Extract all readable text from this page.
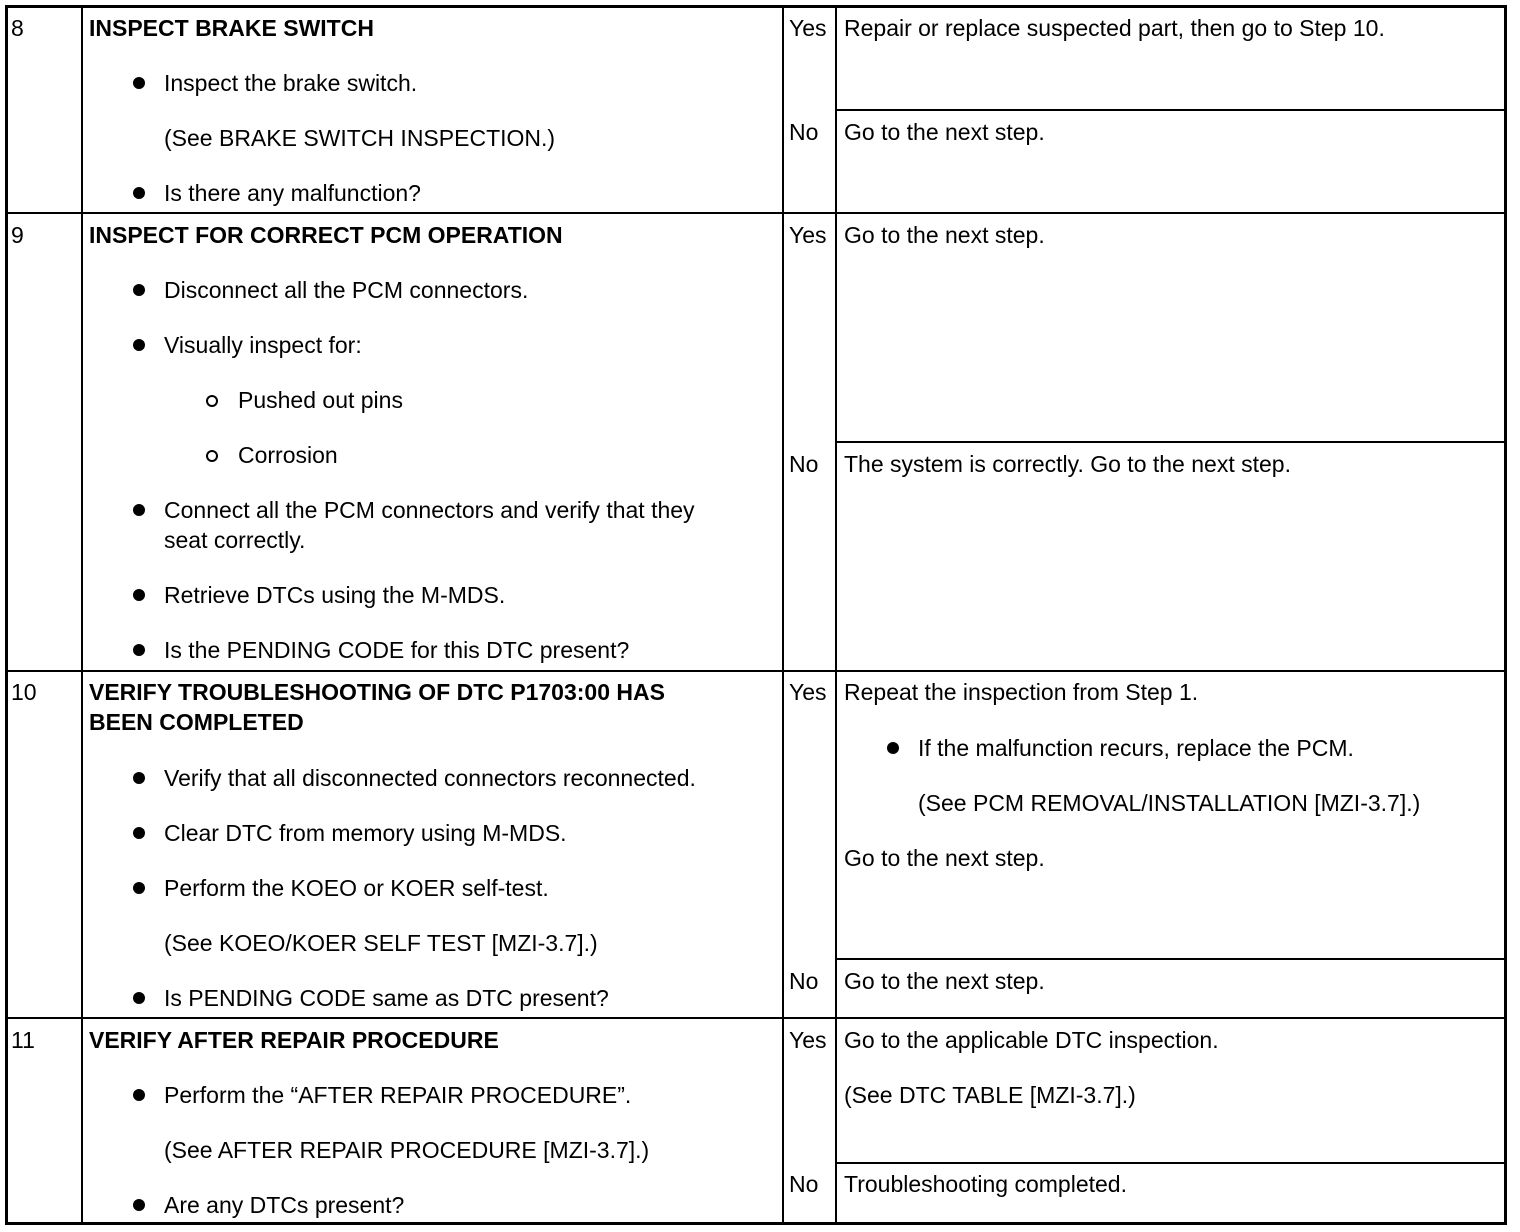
8	INSPECT BRAKE SWITCH
Inspect the brake switch.
(See BRAKE SWITCH INSPECTION.)
Is there any malfunction?
Yes Repair or replace suspected part, then go to Step 10.
No Go to the next step.
9	INSPECT FOR CORRECT PCM OPERATION
Disconnect all the PCM connectors.
Visually inspect for:
Pushed out pins
Corrosion
Connect all the PCM connectors and verify that they
seat correctly.
Retrieve DTCs using the M-MDS.
Is the PENDING CODE for this DTC present?
Yes Go to the next step.
No The system is correctly. Go to the next step.
10 VERIFY TROUBLESHOOTING OF DTC P1703:00 HAS
BEEN COMPLETED
Verify that all disconnected connectors reconnected.
Clear DTC from memory using M-MDS.
Perform the KOEO or KOER self-test.
(See KOEO/KOER SELF TEST [MZI-3.7].)
Is PENDING CODE same as DTC present?
Yes Repeat the inspection from Step 1.
If the malfunction recurs, replace the PCM.
(See PCM REMOVAL/INSTALLATION [MZI-3.7].)
Go to the next step.
No Go to the next step.
11 VERIFY AFTER REPAIR PROCEDURE
Perform the “AFTER REPAIR PROCEDURE”.
(See AFTER REPAIR PROCEDURE [MZI-3.7].)
Are any DTCs present?
Yes Go to the applicable DTC inspection.
(See DTC TABLE [MZI-3.7].)
No Troubleshooting completed.
